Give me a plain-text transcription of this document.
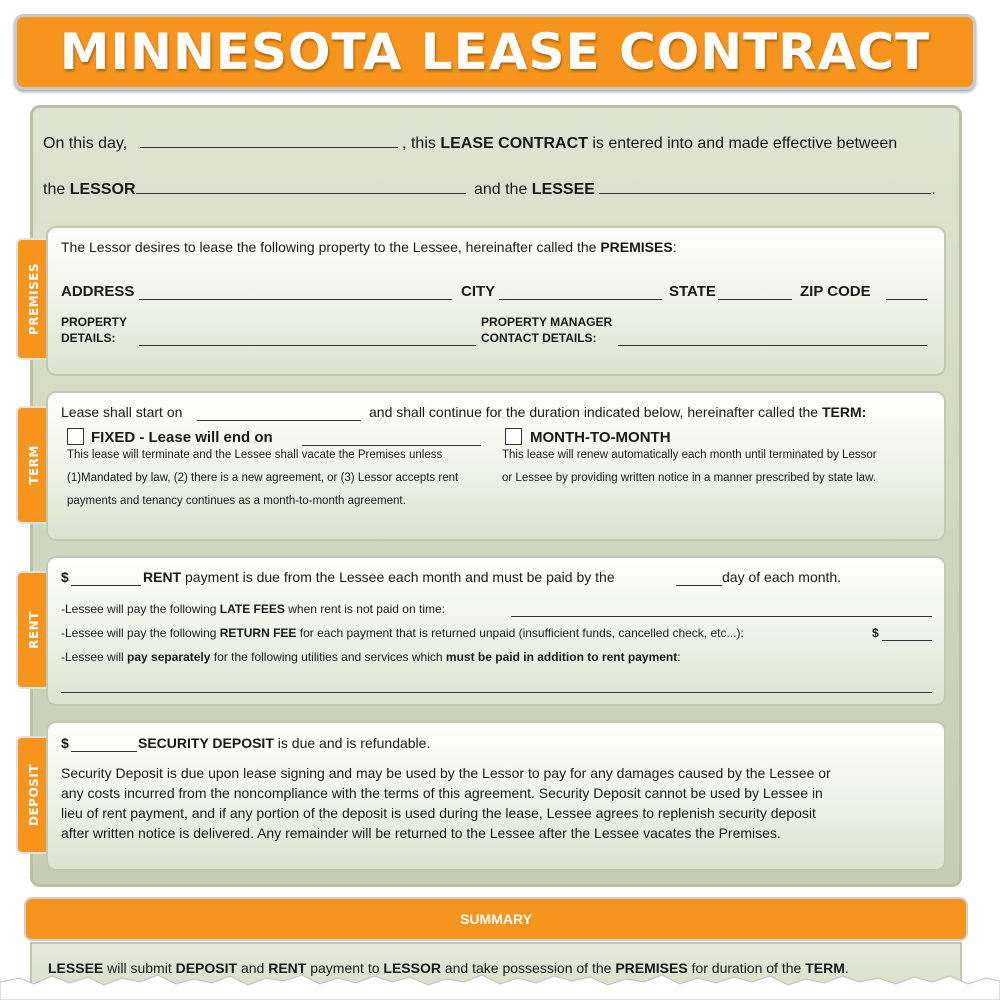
MINNESOTA LEASE CONTRACT
On this day,	, this LEASE CONTRACT is entered into and made effective between
the LESSOR	and the LESSEE	.
PREMISES
The Lessor desires to lease the following property to the Lessee, hereinafter called the PREMISES:
ADDRESS	CITY	STATE	ZIP CODE
PROPERTY
DETAILS:
PROPERTY MANAGER
CONTACT DETAILS:
TERM
Lease shall start on	and shall continue for the duration indicated below, hereinafter called the TERM:
FIXED - Lease will end on
This lease will terminate and the Lessee shall vacate the Premises unless
(1)Mandated by law, (2) there is a new agreement, or (3) Lessor accepts rent
payments and tenancy continues as a month-to-month agreement.
MONTH-TO-MONTH
This lease will renew automatically each month until terminated by Lessor
or Lessee by providing written notice in a manner prescribed by state law.
RENT
$	RENT payment is due from the Lessee each month and must be paid by the	day of each month.
-Lessee will pay the following LATE FEES when rent is not paid on time:
-Lessee will pay the following RETURN FEE for each payment that is returned unpaid (insufficient funds, cancelled check, etc...):	$
-Lessee will pay separately for the following utilities and services which must be paid in addition to rent payment:
DEPOSIT
$	SECURITY DEPOSIT is due and is refundable.
Security Deposit is due upon lease signing and may be used by the Lessor to pay for any damages caused by the Lessee or
any costs incurred from the noncompliance with the terms of this agreement. Security Deposit cannot be used by Lessee in
lieu of rent payment, and if any portion of the deposit is used during the lease, Lessee agrees to replenish security deposit
after written notice is delivered. Any remainder will be returned to the Lessee after the Lessee vacates the Premises.
SUMMARY
LESSEE will submit DEPOSIT and RENT payment to LESSOR and take possession of the PREMISES for duration of the TERM.
